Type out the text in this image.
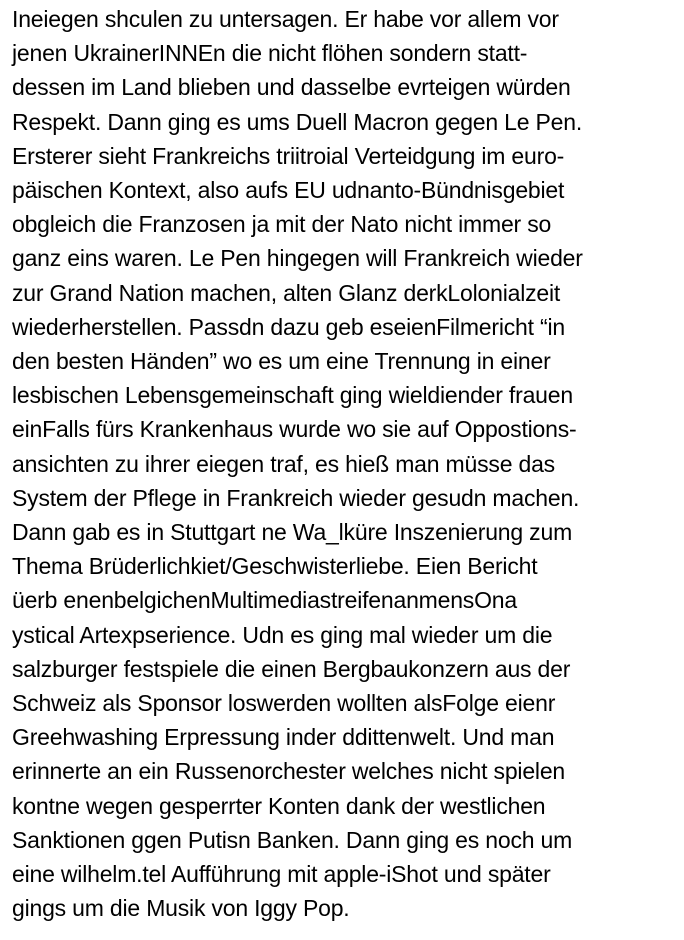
Ineiegen shculen zu untersagen. Er habe vor allem vor
jenen UkrainerINNEn die nicht flöhen sondern statt-
dessen im Land blieben und dasselbe evrteigen würden
Respekt. Dann ging es ums Duell Macron gegen Le Pen.
Ersterer sieht Frankreichs triitroial Verteidgung im euro-
päischen Kontext, also aufs EU udnanto-Bündnisgebiet
obgleich die Franzosen ja mit der Nato nicht immer so
ganz eins waren. Le Pen hingegen will Frankreich wieder
zur Grand Nation machen, alten Glanz derkLolonialzeit
wiederherstellen. Passdn dazu geb eseienFilmericht “in
den besten Händen” wo es um eine Trennung in einer
lesbischen Lebensgemeinschaft ging wieldiender frauen
einFalls fürs Krankenhaus wurde wo sie auf Oppostions-
ansichten zu ihrer eiegen traf, es hieß man müsse das
System der Pflege in Frankreich wieder gesudn machen.
Dann gab es in Stuttgart ne Wa_lküre Inszenierung zum
Thema Brüderlichkiet/Geschwisterliebe. Eien Bericht
üerb enenbelgichenMultimediastreifenanmensOna
ystical Artexpserience. Udn es ging mal wieder um die
salzburger festspiele die einen Bergbaukonzern aus der
Schweiz als Sponsor loswerden wollten alsFolge eienr
Greehwashing Erpressung inder ddittenwelt. Und man
erinnerte an ein Russenorchester welches nicht spielen
kontne wegen gesperrter Konten dank der westlichen
Sanktionen ggen Putisn Banken. Dann ging es noch um
eine wilhelm.tel Aufführung mit apple-iShot und später
gings um die Musik von Iggy Pop.
